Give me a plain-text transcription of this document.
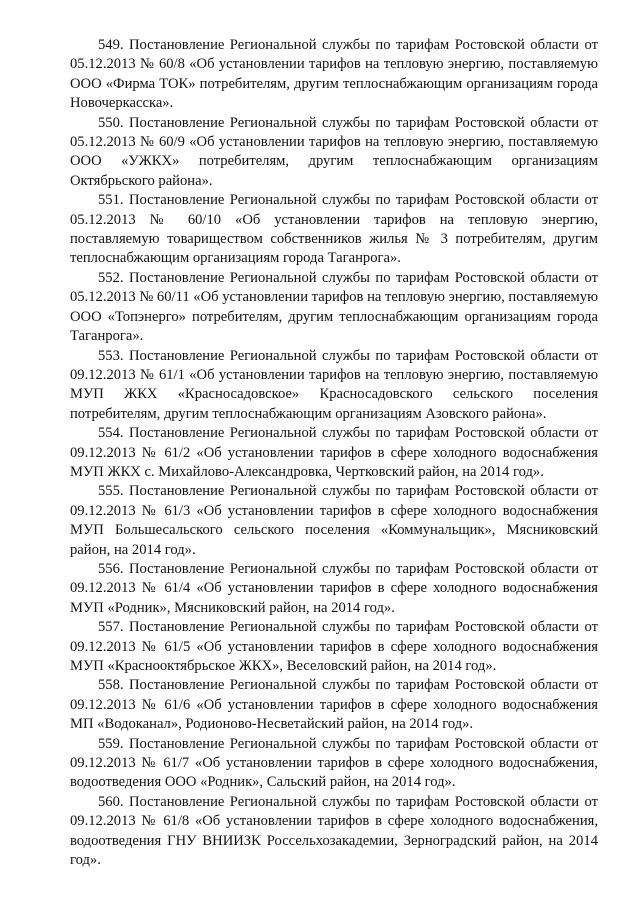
549. Постановление Региональной службы по тарифам Ростовской области от 05.12.2013 № 60/8 «Об установлении тарифов на тепловую энергию, поставляемую ООО «Фирма ТОК» потребителям, другим теплоснабжающим организациям города Новочеркасска».

550. Постановление Региональной службы по тарифам Ростовской области от 05.12.2013 № 60/9 «Об установлении тарифов на тепловую энергию, поставляемую ООО «УЖКХ» потребителям, другим теплоснабжающим организациям Октябрьского района».

551. Постановление Региональной службы по тарифам Ростовской области от 05.12.2013 № 60/10 «Об установлении тарифов на тепловую энергию, поставляемую товариществом собственников жилья № 3 потребителям, другим теплоснабжающим организациям города Таганрога».

552. Постановление Региональной службы по тарифам Ростовской области от 05.12.2013 № 60/11 «Об установлении тарифов на тепловую энергию, поставляемую ООО «Топэнерго» потребителям, другим теплоснабжающим организациям города Таганрога».

553. Постановление Региональной службы по тарифам Ростовской области от 09.12.2013 № 61/1 «Об установлении тарифов на тепловую энергию, поставляемую МУП ЖКХ «Красносадовское» Красносадовского сельского поселения потребителям, другим теплоснабжающим организациям Азовского района».

554. Постановление Региональной службы по тарифам Ростовской области от 09.12.2013 № 61/2 «Об установлении тарифов в сфере холодного водоснабжения МУП ЖКХ с. Михайлово-Александровка, Чертковский район, на 2014 год».

555. Постановление Региональной службы по тарифам Ростовской области от 09.12.2013 № 61/3 «Об установлении тарифов в сфере холодного водоснабжения МУП Большесальского сельского поселения «Коммунальщик», Мясниковский район, на 2014 год».

556. Постановление Региональной службы по тарифам Ростовской области от 09.12.2013 № 61/4 «Об установлении тарифов в сфере холодного водоснабжения МУП «Родник», Мясниковский район, на 2014 год».

557. Постановление Региональной службы по тарифам Ростовской области от 09.12.2013 № 61/5 «Об установлении тарифов в сфере холодного водоснабжения МУП «Краснооктябрьское ЖКХ», Веселовский район, на 2014 год».

558. Постановление Региональной службы по тарифам Ростовской области от 09.12.2013 № 61/6 «Об установлении тарифов в сфере холодного водоснабжения МП «Водоканал», Родионово-Несветайский район, на 2014 год».

559. Постановление Региональной службы по тарифам Ростовской области от 09.12.2013 № 61/7 «Об установлении тарифов в сфере холодного водоснабжения, водоотведения ООО «Родник», Сальский район, на 2014 год».

560. Постановление Региональной службы по тарифам Ростовской области от 09.12.2013 № 61/8 «Об установлении тарифов в сфере холодного водоснабжения, водоотведения ГНУ ВНИИЗК Россельхозакадемии, Зерноградский район, на 2014 год».
